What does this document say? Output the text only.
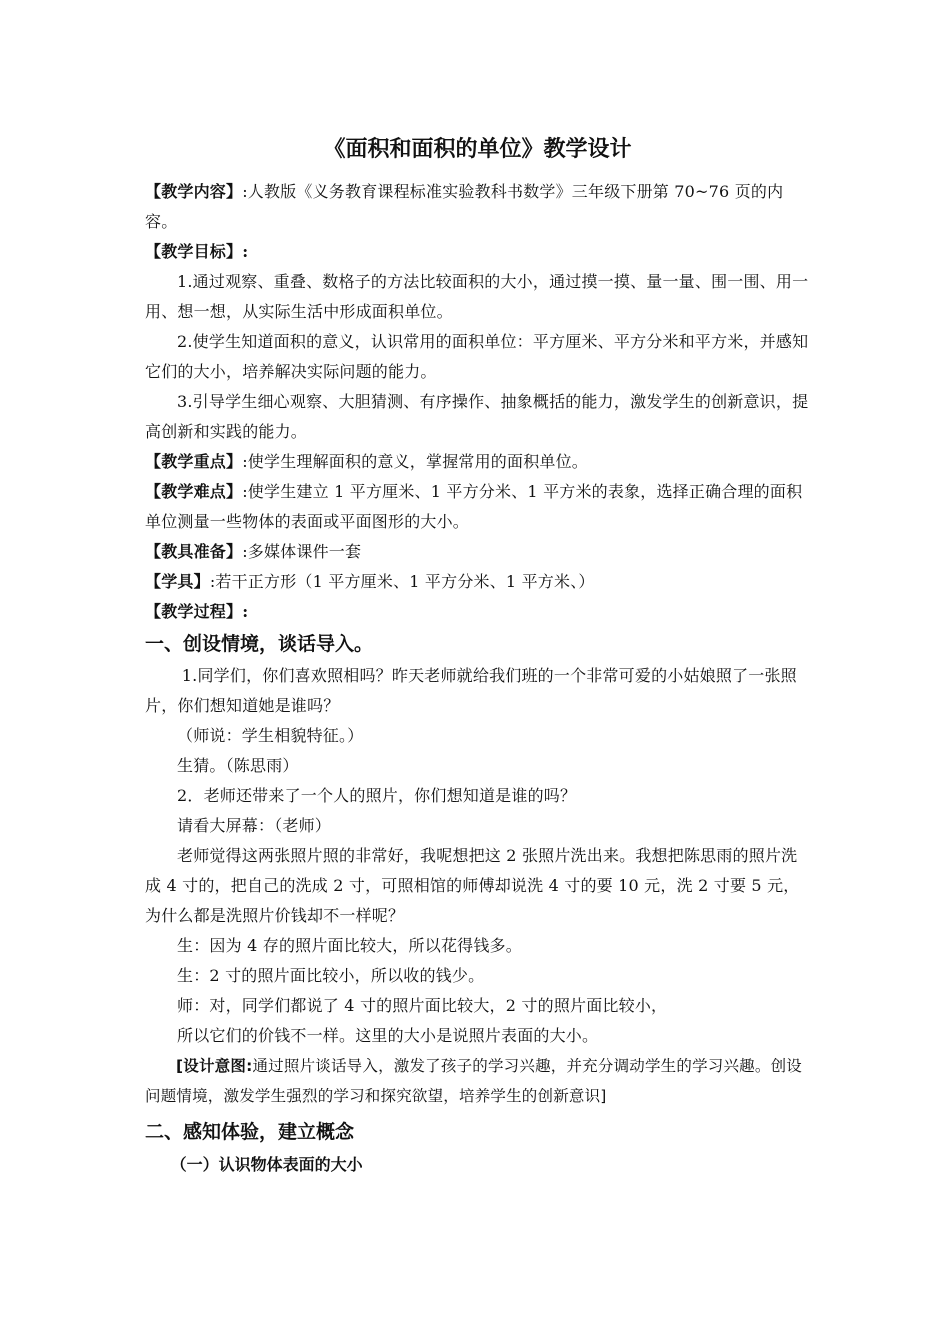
《面积和面积的单位》教学设计

【教学内容】:人教版《义务教育课程标准实验教科书数学》三年级下册第 70~76 页的内容。

【教学目标】:

1.通过观察、重叠、数格子的方法比较面积的大小，通过摸一摸、量一量、围一围、用一用、想一想，从实际生活中形成面积单位。

2.使学生知道面积的意义，认识常用的面积单位：平方厘米、平方分米和平方米，并感知它们的大小，培养解决实际问题的能力。

3.引导学生细心观察、大胆猜测、有序操作、抽象概括的能力，激发学生的创新意识，提高创新和实践的能力。

【教学重点】:使学生理解面积的意义，掌握常用的面积单位。

【教学难点】:使学生建立 1 平方厘米、1 平方分米、1 平方米的表象，选择正确合理的面积单位测量一些物体的表面或平面图形的大小。

【教具准备】:多媒体课件一套

【学具】:若干正方形（1 平方厘米、1 平方分米、1 平方米、）

【教学过程】:

一、创设情境，谈话导入。

1.同学们，你们喜欢照相吗？昨天老师就给我们班的一个非常可爱的小姑娘照了一张照片，你们想知道她是谁吗？

（师说：学生相貌特征。）

生猜。（陈思雨）

2．老师还带来了一个人的照片，你们想知道是谁的吗？

请看大屏幕：（老师）

老师觉得这两张照片照的非常好，我呢想把这 2 张照片洗出来。我想把陈思雨的照片洗成 4 寸的，把自己的洗成 2 寸，可照相馆的师傅却说洗 4 寸的要 10 元，洗 2 寸要 5 元，为什么都是洗照片价钱却不一样呢？

生：因为 4 存的照片面比较大，所以花得钱多。

生：2 寸的照片面比较小，所以收的钱少。

师：对，同学们都说了 4 寸的照片面比较大，2 寸的照片面比较小，

所以它们的价钱不一样。这里的大小是说照片表面的大小。

[设计意图:通过照片谈话导入，激发了孩子的学习兴趣，并充分调动学生的学习兴趣。创设问题情境，激发学生强烈的学习和探究欲望，培养学生的创新意识]

二、感知体验，建立概念
（一）认识物体表面的大小
